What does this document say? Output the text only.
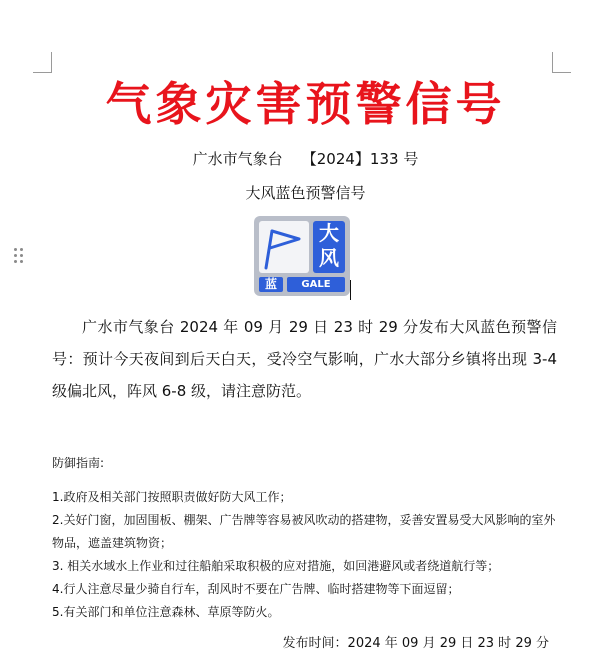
气象灾害预警信号
广水市气象台    【2024】133 号
大风蓝色预警信号
大
风
蓝	GALE
广水市气象台 2024 年 09 月 29 日 23 时 29 分发布大风蓝色预警信号：预计今天夜间到后天白天，受冷空气影响，广水大部分乡镇将出现 3-4 级偏北风，阵风 6-8 级，请注意防范。
防御指南:
1.政府及相关部门按照职责做好防大风工作；
2.关好门窗，加固围板、棚架、广告牌等容易被风吹动的搭建物，妥善安置易受大风影响的室外物品，遮盖建筑物资；
3. 相关水域水上作业和过往船舶采取积极的应对措施，如回港避风或者绕道航行等；
4.行人注意尽量少骑自行车，刮风时不要在广告牌、临时搭建物等下面逗留；
5.有关部门和单位注意森林、草原等防火。
发布时间：2024 年 09 月 29 日 23 时 29 分
